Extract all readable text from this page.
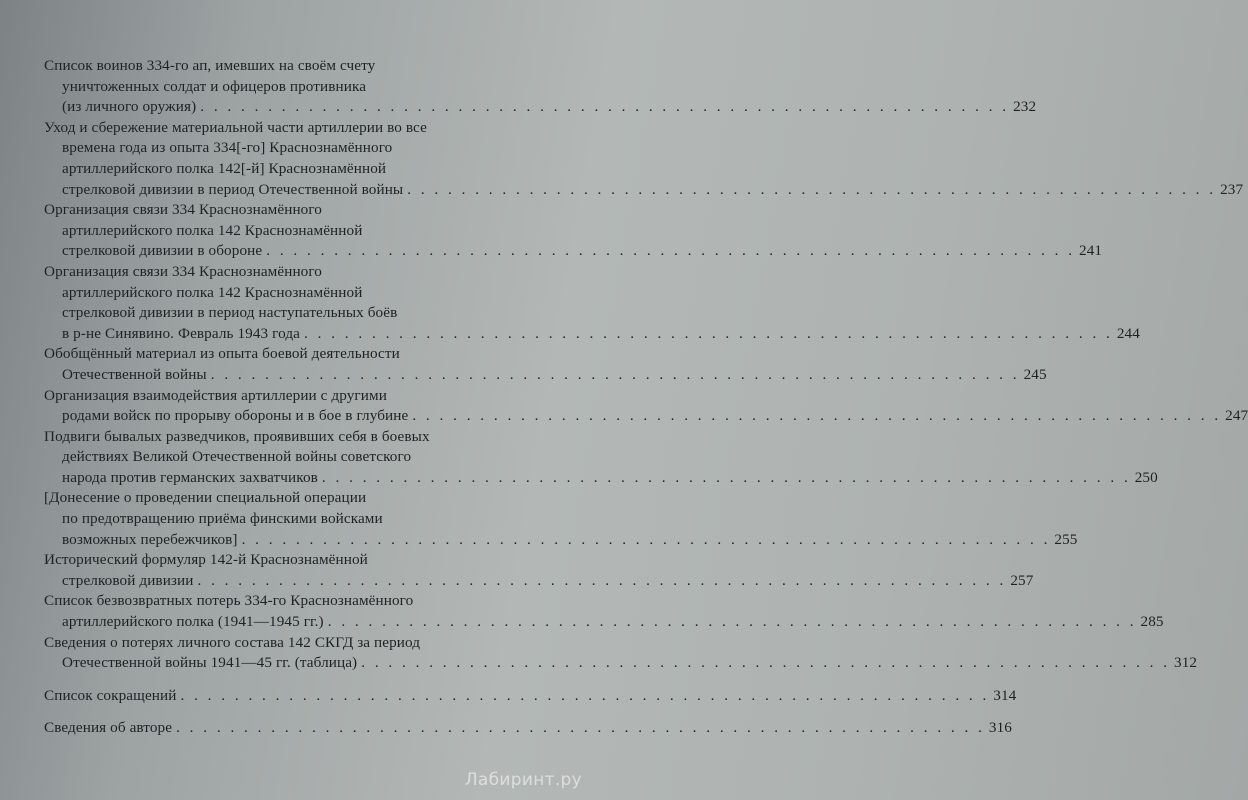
Список воинов 334-го ап, имевших на своём счету
уничтоженных солдат и офицеров противника
(из личного оружия) . . . . . . . . . . . . . . . . . . . . . . . . . . . . . . . . . . . . . . . . . . . . . . . . . . . . . . . . . . . . 232
Уход и сбережение материальной части артиллерии во все
времена года из опыта 334[-го] Краснознамённого
артиллерийского полка 142[-й] Краснознамённой
стрелковой дивизии в период Отечественной войны . . . . . . . . . . . . . . . . . . . . . . . . . . . . . . . . . . . . . . . . . . . . . . . . . . . . . . . . . . . . 237
Организация связи 334 Краснознамённого
артиллерийского полка 142 Краснознамённой
стрелковой дивизии в обороне . . . . . . . . . . . . . . . . . . . . . . . . . . . . . . . . . . . . . . . . . . . . . . . . . . . . . . . . . . . . 241
Организация связи 334 Краснознамённого
артиллерийского полка 142 Краснознамённой
стрелковой дивизии в период наступательных боёв
в р-не Синявино. Февраль 1943 года . . . . . . . . . . . . . . . . . . . . . . . . . . . . . . . . . . . . . . . . . . . . . . . . . . . . . . . . . . . . 244
Обобщённый материал из опыта боевой деятельности
Отечественной войны . . . . . . . . . . . . . . . . . . . . . . . . . . . . . . . . . . . . . . . . . . . . . . . . . . . . . . . . . . . . 245
Организация взаимодействия артиллерии с другими
родами войск по прорыву обороны и в бое в глубине . . . . . . . . . . . . . . . . . . . . . . . . . . . . . . . . . . . . . . . . . . . . . . . . . . . . . . . . . . . . 247
Подвиги бывалых разведчиков, проявивших себя в боевых
действиях Великой Отечественной войны советского
народа против германских захватчиков . . . . . . . . . . . . . . . . . . . . . . . . . . . . . . . . . . . . . . . . . . . . . . . . . . . . . . . . . . . . 250
[Донесение о проведении специальной операции
по предотвращению приёма финскими войсками
возможных перебежчиков] . . . . . . . . . . . . . . . . . . . . . . . . . . . . . . . . . . . . . . . . . . . . . . . . . . . . . . . . . . . . 255
Исторический формуляр 142-й Краснознамённой
стрелковой дивизии . . . . . . . . . . . . . . . . . . . . . . . . . . . . . . . . . . . . . . . . . . . . . . . . . . . . . . . . . . . . 257
Список безвозвратных потерь 334-го Краснознамённого
артиллерийского полка (1941—1945 гг.) . . . . . . . . . . . . . . . . . . . . . . . . . . . . . . . . . . . . . . . . . . . . . . . . . . . . . . . . . . . . 285
Сведения о потерях личного состава 142 СКГД за период
Отечественной войны 1941—45 гг. (таблица) . . . . . . . . . . . . . . . . . . . . . . . . . . . . . . . . . . . . . . . . . . . . . . . . . . . . . . . . . . . . 312
Список сокращений . . . . . . . . . . . . . . . . . . . . . . . . . . . . . . . . . . . . . . . . . . . . . . . . . . . . . . . . . . . . 314
Сведения об авторе . . . . . . . . . . . . . . . . . . . . . . . . . . . . . . . . . . . . . . . . . . . . . . . . . . . . . . . . . . . . 316
Лабиринт.ру
